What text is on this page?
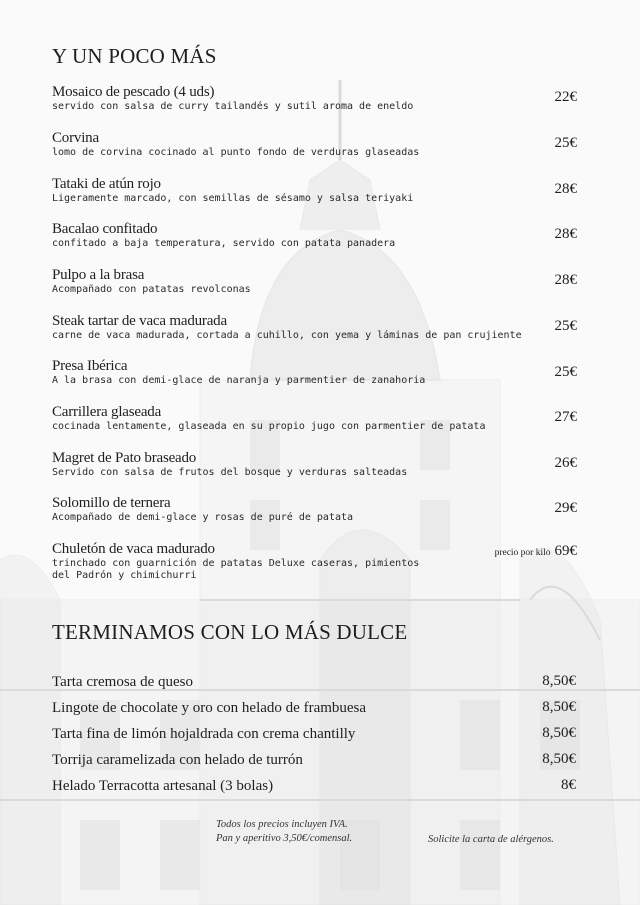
Y UN POCO MÁS
Mosaico de pescado (4 uds)
servido con salsa de curry tailandés y sutil aroma de eneldo
22€
Corvina
lomo de corvina cocinado al punto fondo de verduras glaseadas
25€
Tataki de atún rojo
Ligeramente marcado, con semillas de sésamo y salsa teriyaki
28€
Bacalao confitado
confitado a baja temperatura, servido con patata panadera
28€
Pulpo a la brasa
Acompañado con patatas revolconas
28€
Steak tartar de vaca madurada
carne de vaca madurada, cortada a cuhillo, con yema y láminas de pan crujiente
25€
Presa Ibérica
A la brasa con demi-glace de naranja y parmentier de zanahoria
25€
Carrillera glaseada
cocinada lentamente, glaseada en su propio jugo con parmentier de patata
27€
Magret de Pato braseado
Servido con salsa de frutos del bosque y verduras salteadas
26€
Solomillo de ternera
Acompañado de demi-glace y rosas de puré de patata
29€
Chuletón de vaca madurado
trinchado con guarnición de patatas Deluxe caseras, pimientos del Padrón y chimichurri
precio por kilo 69€
TERMINAMOS CON LO MÁS DULCE
Tarta cremosa de queso	8,50€
Lingote de chocolate y oro con helado de frambuesa	8,50€
Tarta fina de limón hojaldrada con crema chantilly	8,50€
Torrija caramelizada con helado de turrón	8,50€
Helado Terracotta artesanal (3 bolas)	8€
Todos los precios incluyen IVA.
Pan y aperitivo 3,50€/comensal.	Solicite la carta de alérgenos.
